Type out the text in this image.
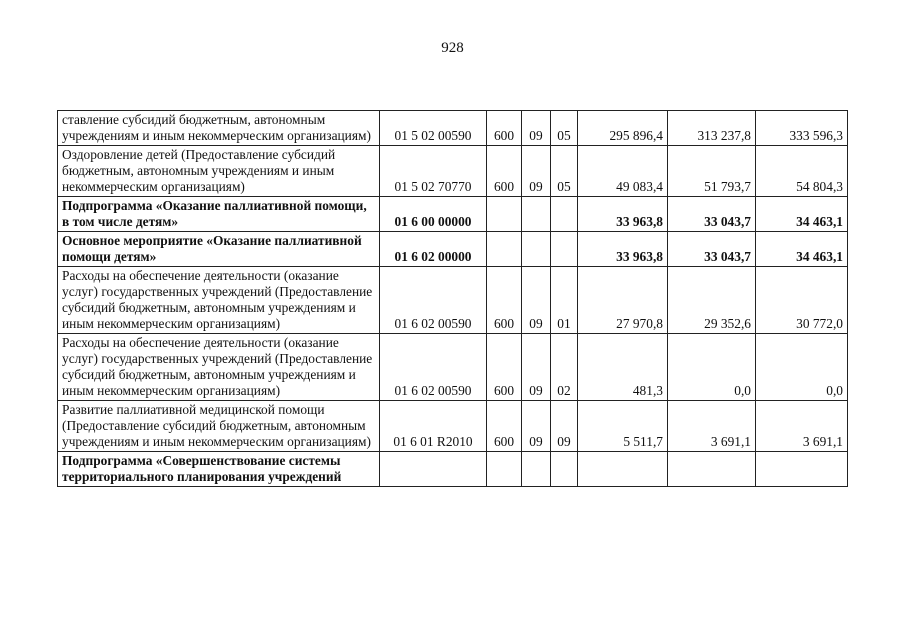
928
ставление субсидий бюджетным, автономным учреждениям и иным некоммерческим организациям)	01 5 02 00590	600	09	05	295 896,4	313 237,8	333 596,3
Оздоровление детей (Предоставление субсидий бюджетным, автономным учреждениям и иным некоммерческим организациям)	01 5 02 70770	600	09	05	49 083,4	51 793,7	54 804,3
Подпрограмма «Оказание паллиативной помощи, в том числе детям»	01 6 00 00000				33 963,8	33 043,7	34 463,1
Основное мероприятие «Оказание паллиативной помощи детям»	01 6 02 00000				33 963,8	33 043,7	34 463,1
Расходы на обеспечение деятельности (оказание услуг) государственных учреждений (Предоставление субсидий бюджетным, автономным учреждениям и иным некоммерческим организациям)	01 6 02 00590	600	09	01	27 970,8	29 352,6	30 772,0
Расходы на обеспечение деятельности (оказание услуг) государственных учреждений (Предоставление субсидий бюджетным, автономным учреждениям и иным некоммерческим организациям)	01 6 02 00590	600	09	02	481,3	0,0	0,0
Развитие паллиативной медицинской помощи (Предоставление субсидий бюджетным, автономным учреждениям и иным некоммерческим организациям)	01 6 01 R2010	600	09	09	5 511,7	3 691,1	3 691,1
Подпрограмма «Совершенствование системы территориального планирования учреждений							
